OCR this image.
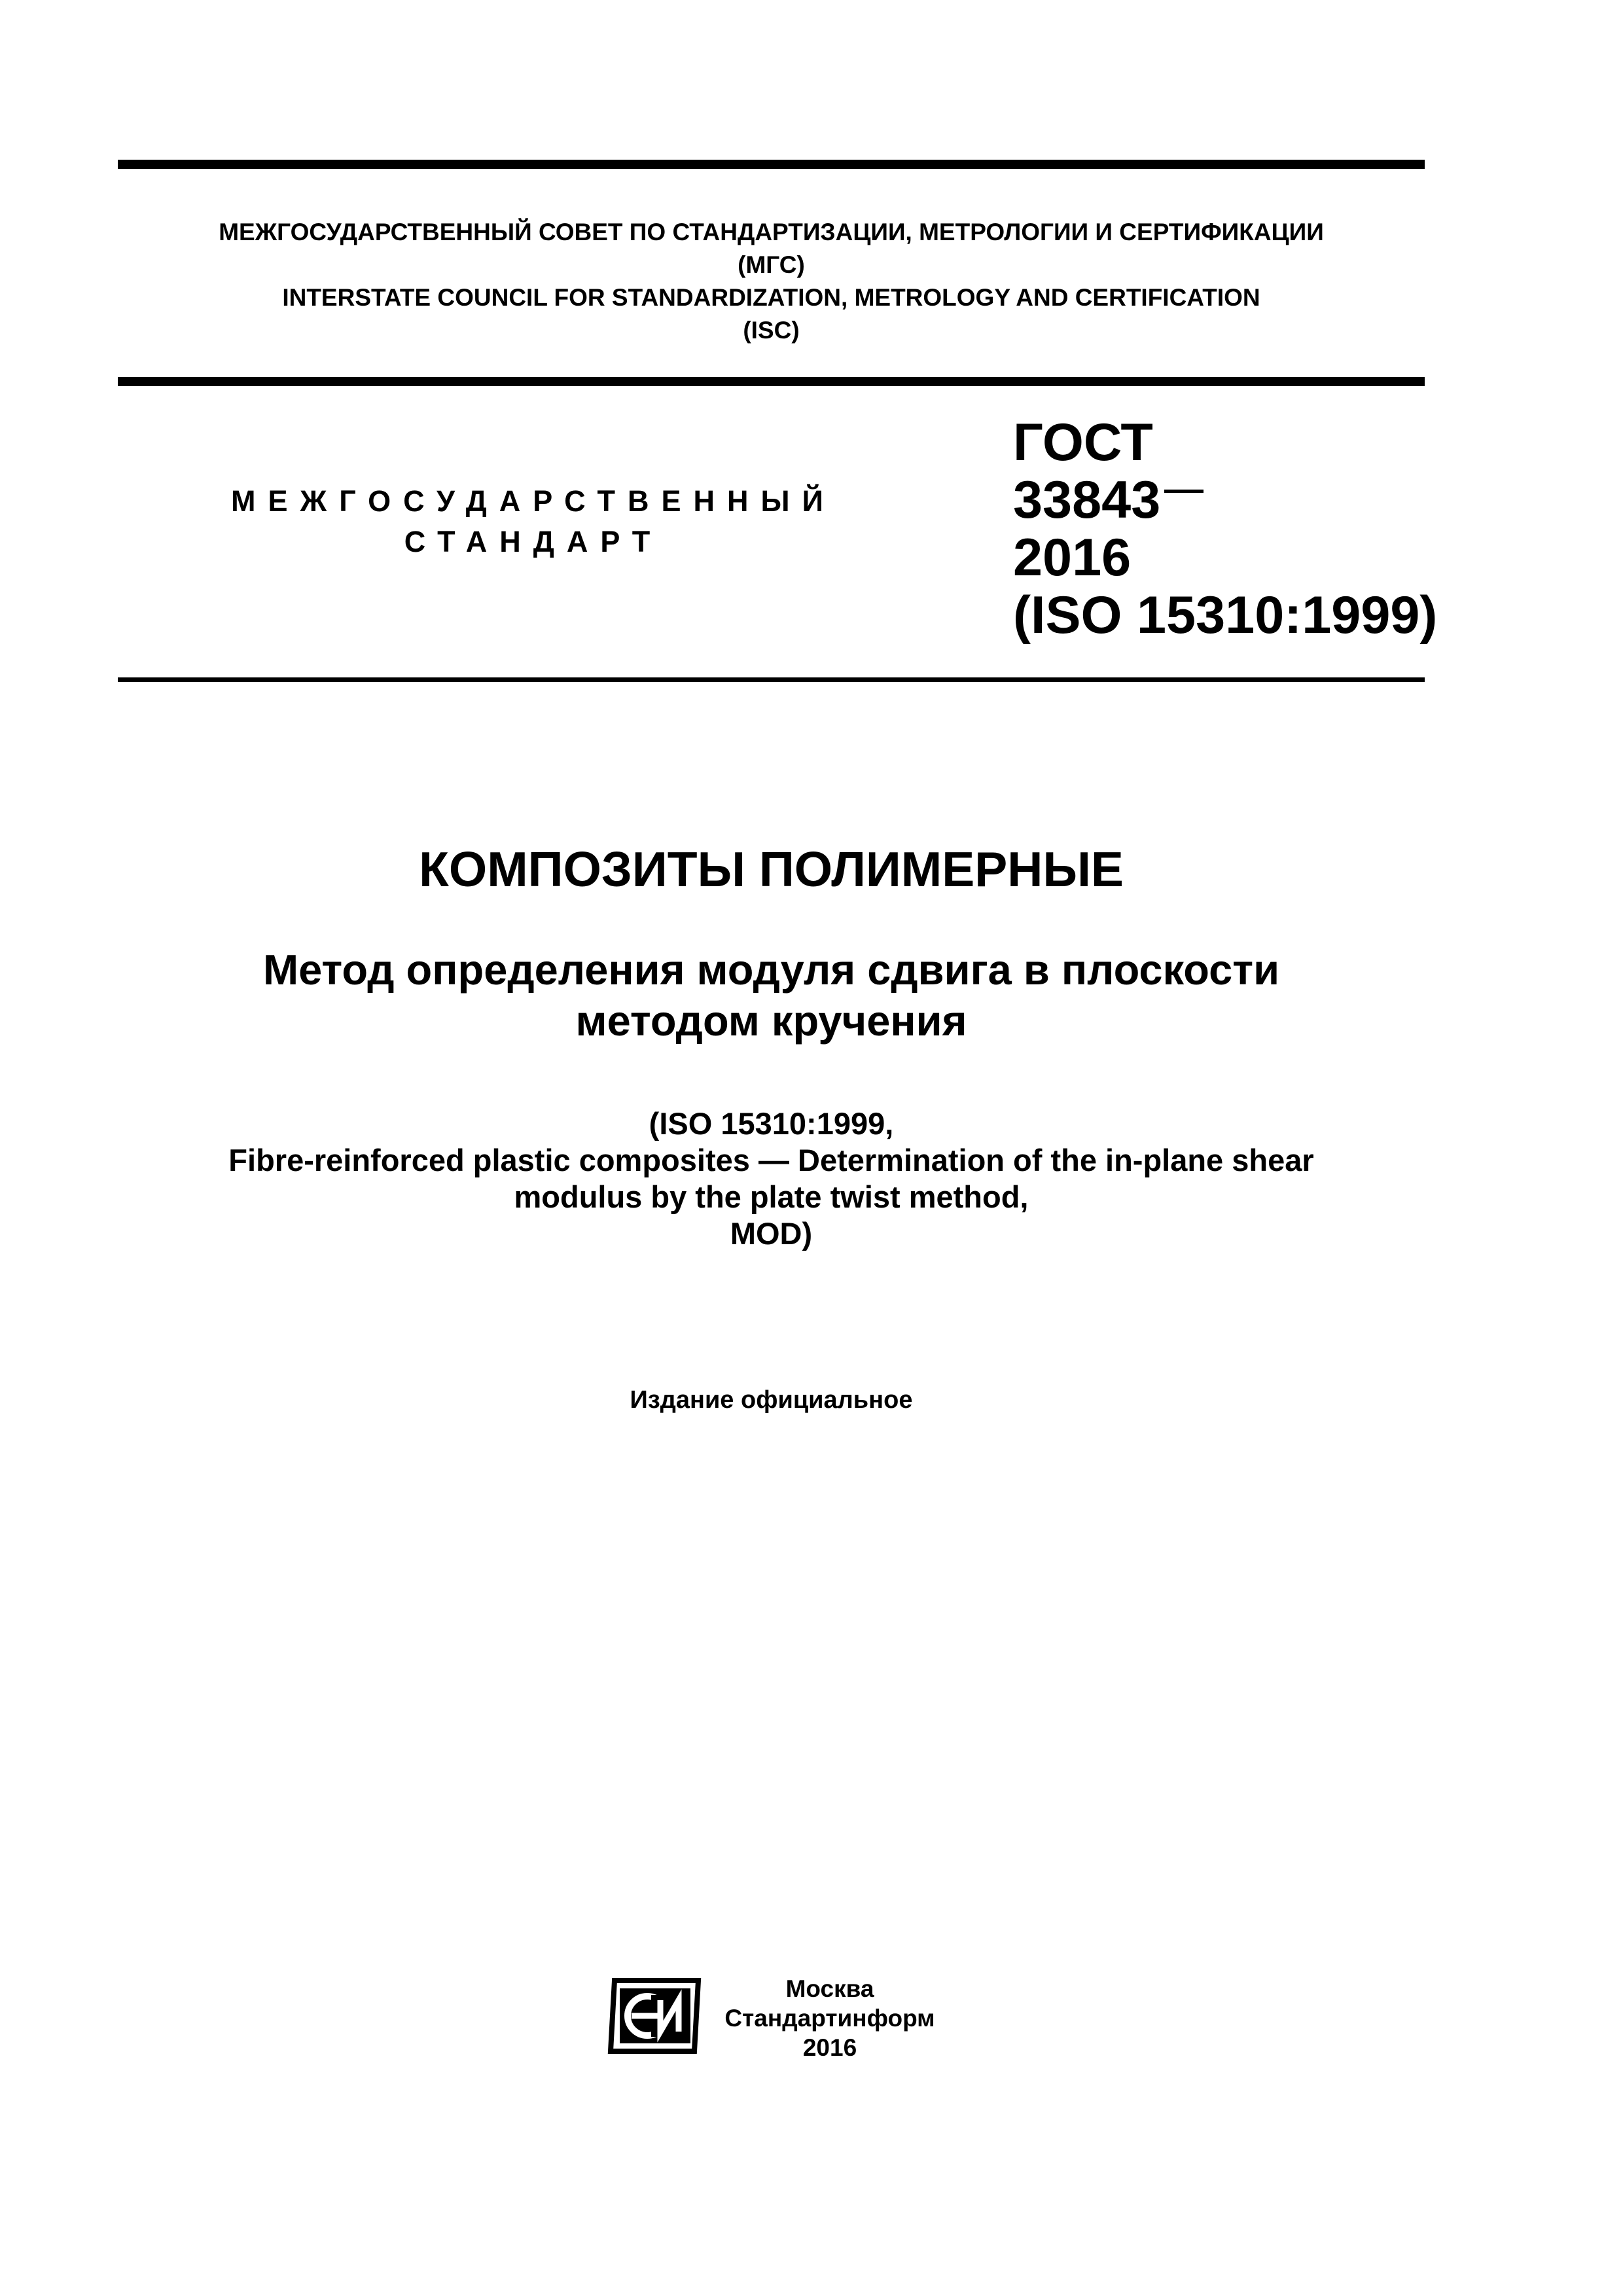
МЕЖГОСУДАРСТВЕННЫЙ СОВЕТ ПО СТАНДАРТИЗАЦИИ, МЕТРОЛОГИИ И СЕРТИФИКАЦИИ
(МГС)
INTERSTATE COUNCIL FOR STANDARDIZATION, METROLOGY AND CERTIFICATION
(ISC)
МЕЖГОСУДАРСТВЕННЫЙ
СТАНДАРТ
ГОСТ
33843
2016
(ISO 15310:1999)
КОМПОЗИТЫ ПОЛИМЕРНЫЕ
Метод определения модуля сдвига в плоскости
методом кручения
(ISO 15310:1999,
Fibre-reinforced plastic composites — Determination of the in-plane shear
modulus by the plate twist method,
MOD)
Издание официальное
Москва
Стандартинформ
2016
